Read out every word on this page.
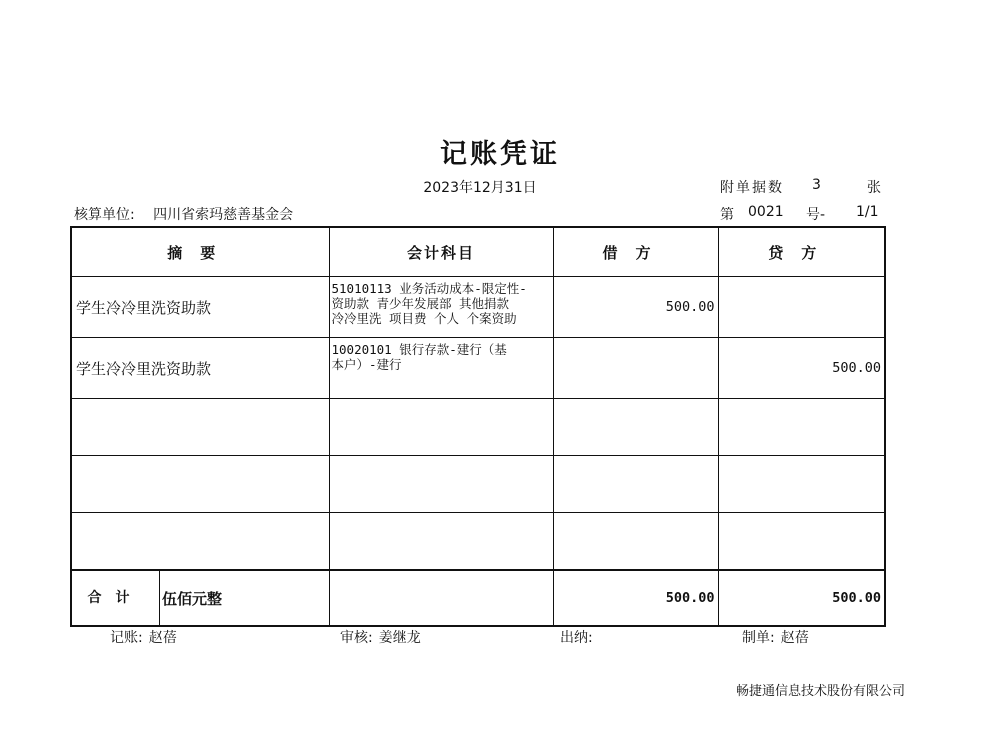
记账凭证
2023年12月31日	附单据数 3	张
核算单位: 四川省索玛慈善基金会	第 0021 号- 1/1
摘要	会计科目	借方	贷方
学生冷冷里洗资助款	51010113 业务活动成本-限定性-
资助款 青少年发展部 其他捐款
冷冷里洗 项目费 个人 个案资助	500.00	
学生冷冷里洗资助款	10020101 银行存款-建行（基
本户）-建行		500.00

合计 伍佰元整		500.00	500.00
记账: 赵蓓	审核: 姜继龙	出纳:	制单: 赵蓓
畅捷通信息技术股份有限公司
